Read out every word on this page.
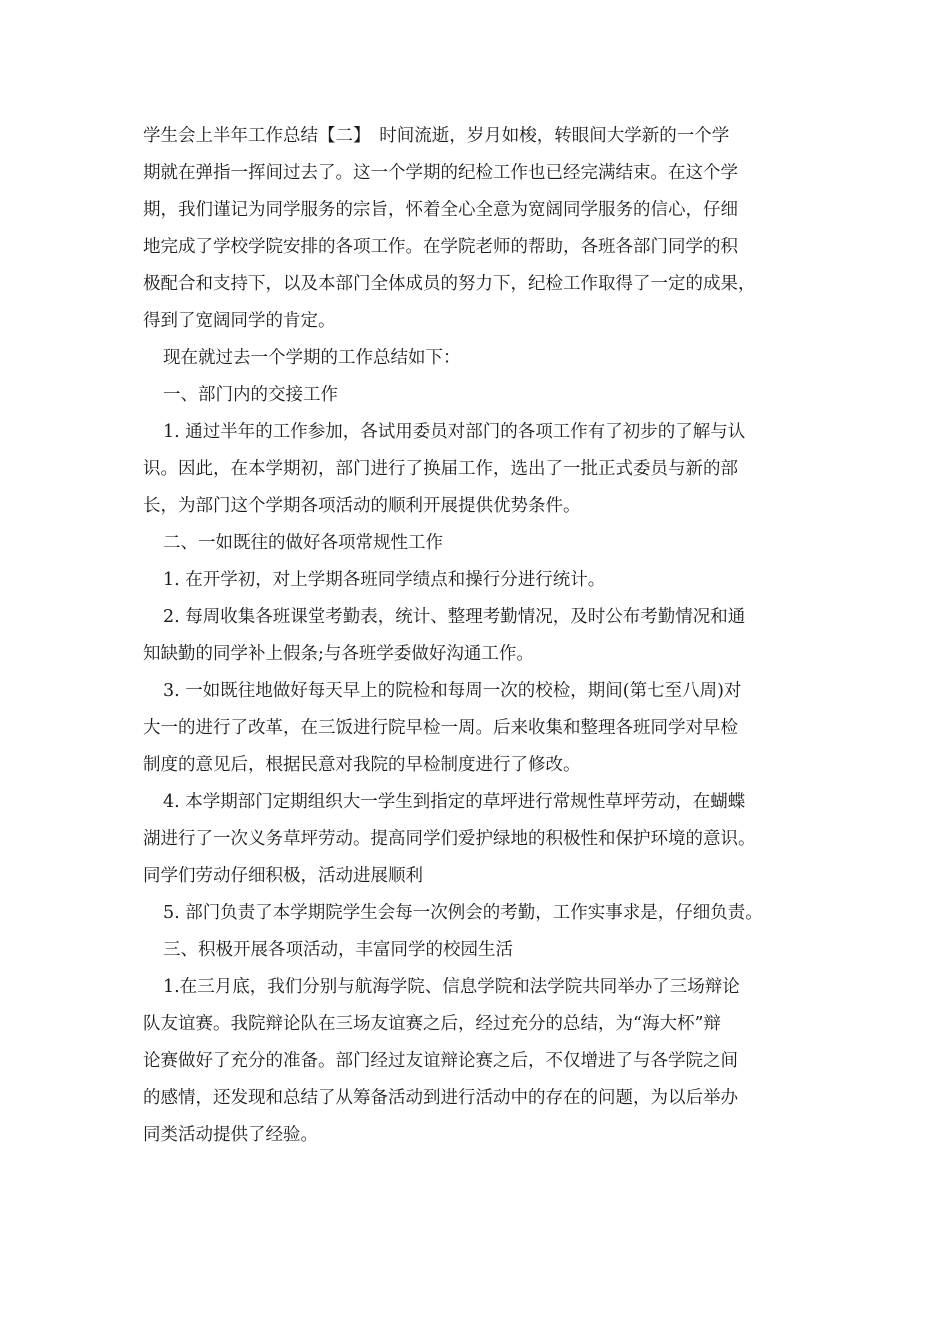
学生会上半年工作总结【二】　时间流逝，岁月如梭，转眼间大学新的一个学
期就在弹指一挥间过去了。这一个学期的纪检工作也已经完满结束。在这个学
期，我们谨记为同学服务的宗旨，怀着全心全意为宽阔同学服务的信心，仔细
地完成了学校学院安排的各项工作。在学院老师的帮助，各班各部门同学的积
极配合和支持下，以及本部门全体成员的努力下，纪检工作取得了一定的成果，
得到了宽阔同学的肯定。
现在就过去一个学期的工作总结如下：
一、部门内的交接工作
1. 通过半年的工作参加，各试用委员对部门的各项工作有了初步的了解与认
识。因此，在本学期初，部门进行了换届工作，选出了一批正式委员与新的部
长，为部门这个学期各项活动的顺利开展提供优势条件。
二、一如既往的做好各项常规性工作
1. 在开学初，对上学期各班同学绩点和操行分进行统计。
2. 每周收集各班课堂考勤表，统计、整理考勤情况，及时公布考勤情况和通
知缺勤的同学补上假条;与各班学委做好沟通工作。
3. 一如既往地做好每天早上的院检和每周一次的校检，期间(第七至八周)对
大一的进行了改革，在三饭进行院早检一周。后来收集和整理各班同学对早检
制度的意见后，根据民意对我院的早检制度进行了修改。
4. 本学期部门定期组织大一学生到指定的草坪进行常规性草坪劳动，在蝴蝶
湖进行了一次义务草坪劳动。提高同学们爱护绿地的积极性和保护环境的意识。
同学们劳动仔细积极，活动进展顺利
5. 部门负责了本学期院学生会每一次例会的考勤，工作实事求是，仔细负责。
三、积极开展各项活动，丰富同学的校园生活
1.在三月底，我们分别与航海学院、信息学院和法学院共同举办了三场辩论
队友谊赛。我院辩论队在三场友谊赛之后，经过充分的总结，为“海大杯”辩
论赛做好了充分的准备。部门经过友谊辩论赛之后，不仅增进了与各学院之间
的感情，还发现和总结了从筹备活动到进行活动中的存在的问题，为以后举办
同类活动提供了经验。
